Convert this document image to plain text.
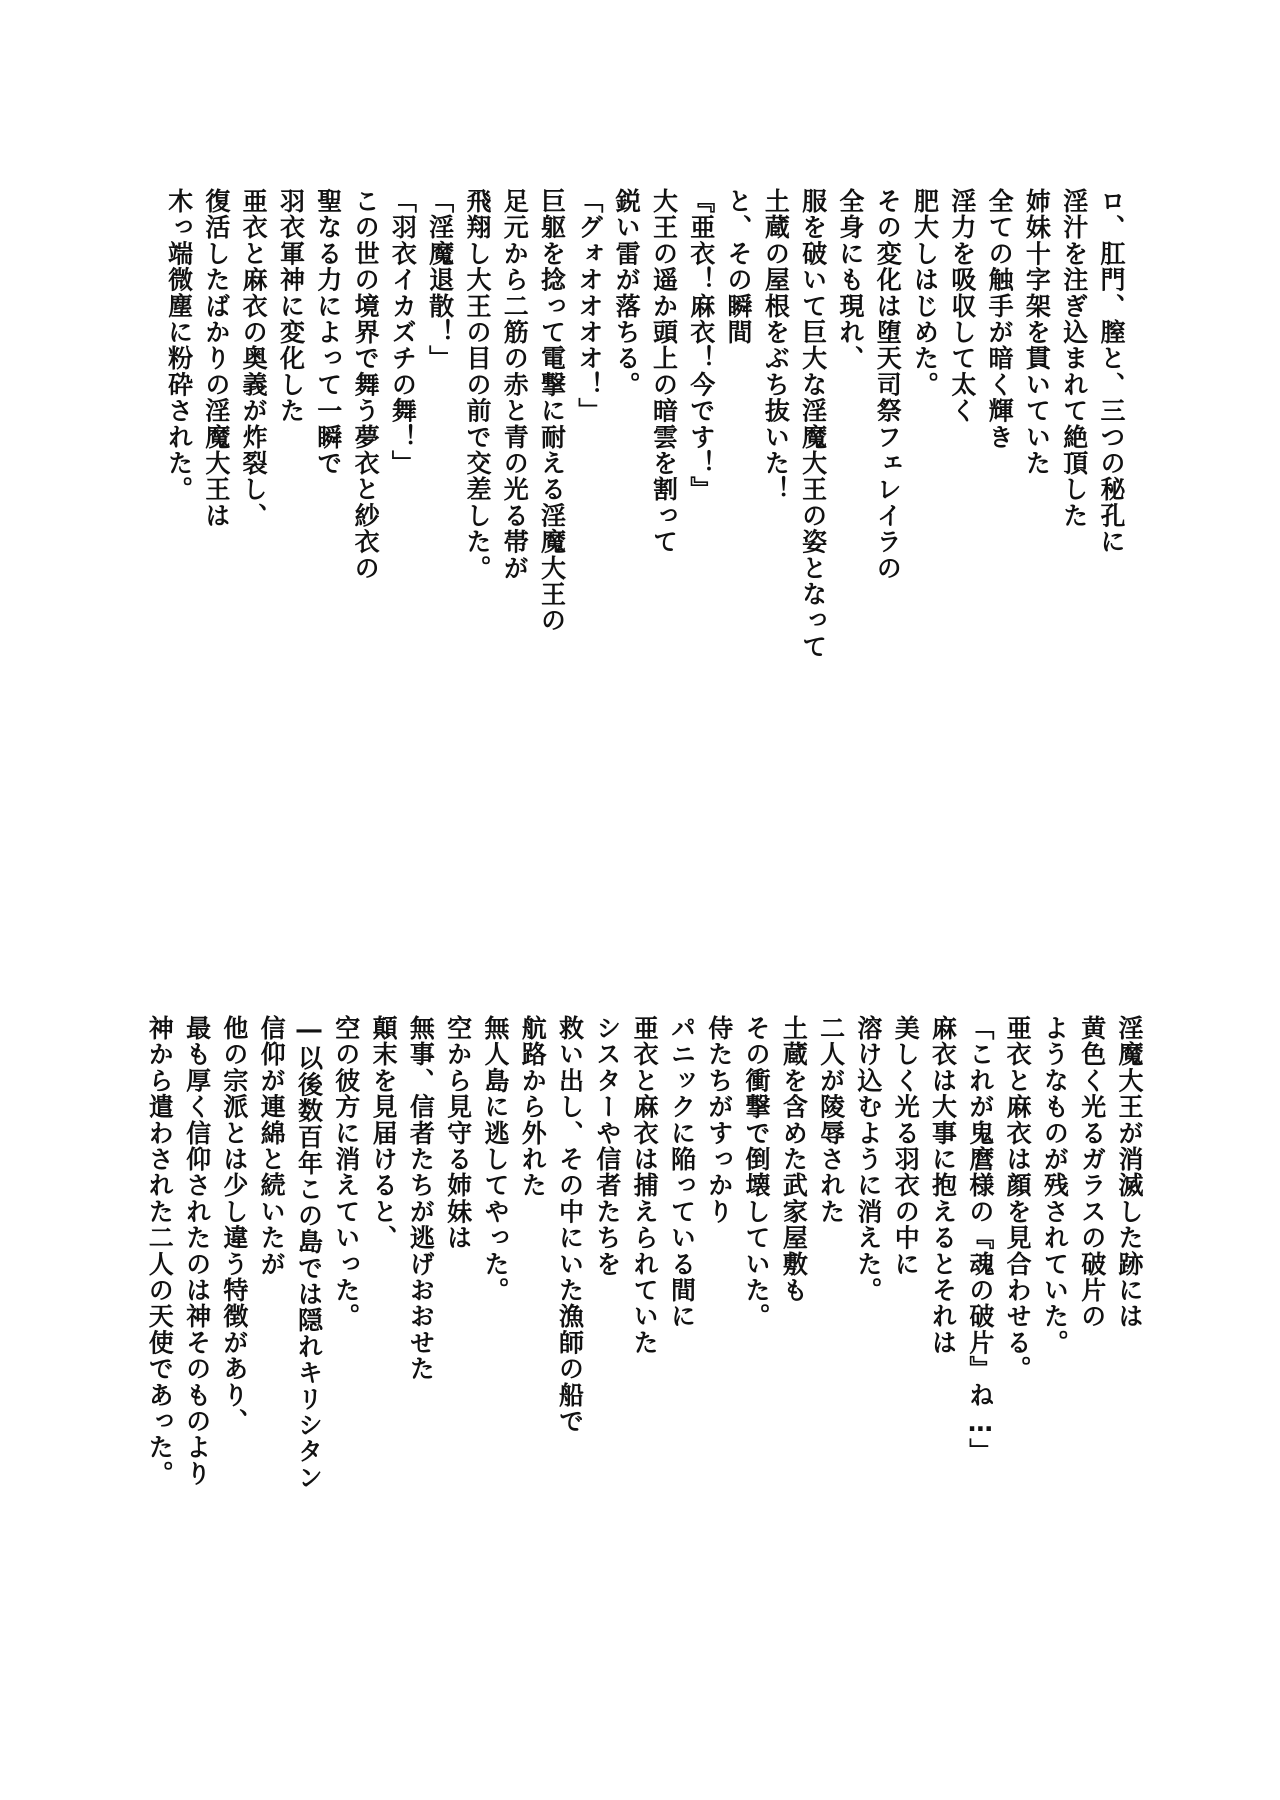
ロ、肛門、膣と、三つの秘孔に
淫汁を注ぎ込まれて絶頂した
姉妹十字架を貫いていた
全ての触手が暗く輝き
淫力を吸収して太く
肥大しはじめた。
その変化は堕天司祭フェレイラの
全身にも現れ、
服を破いて巨大な淫魔大王の姿となって
土蔵の屋根をぶち抜いた！
と、その瞬間
『亜衣！麻衣！今です！』
大王の遥か頭上の暗雲を割って
鋭い雷が落ちる。
「グォオオオオ！」
巨躯を捻って電撃に耐える淫魔大王の
足元から二筋の赤と青の光る帯が
飛翔し大王の目の前で交差した。
「淫魔退散！」
「羽衣イカズチの舞！」
この世の境界で舞う夢衣と紗衣の
聖なる力によって一瞬で
羽衣軍神に変化した
亜衣と麻衣の奥義が炸裂し、
復活したばかりの淫魔大王は
木っ端微塵に粉砕された。
淫魔大王が消滅した跡には
黄色く光るガラスの破片の
ようなものが残されていた。
亜衣と麻衣は顔を見合わせる。
「これが鬼麿様の『魂の破片』ね…」
麻衣は大事に抱えるとそれは
美しく光る羽衣の中に
溶け込むように消えた。
二人が陵辱された
土蔵を含めた武家屋敷も
その衝撃で倒壊していた。
侍たちがすっかり
パニックに陥っている間に
亜衣と麻衣は捕えられていた
シスターや信者たちを
救い出し、その中にいた漁師の船で
航路から外れた
無人島に逃してやった。
空から見守る姉妹は
無事、信者たちが逃げおおせた
顛末を見届けると、
空の彼方に消えていった。
―以後数百年この島では隠れキリシタン
信仰が連綿と続いたが
他の宗派とは少し違う特徴があり、
最も厚く信仰されたのは神そのものより
神から遣わされた二人の天使であった。
